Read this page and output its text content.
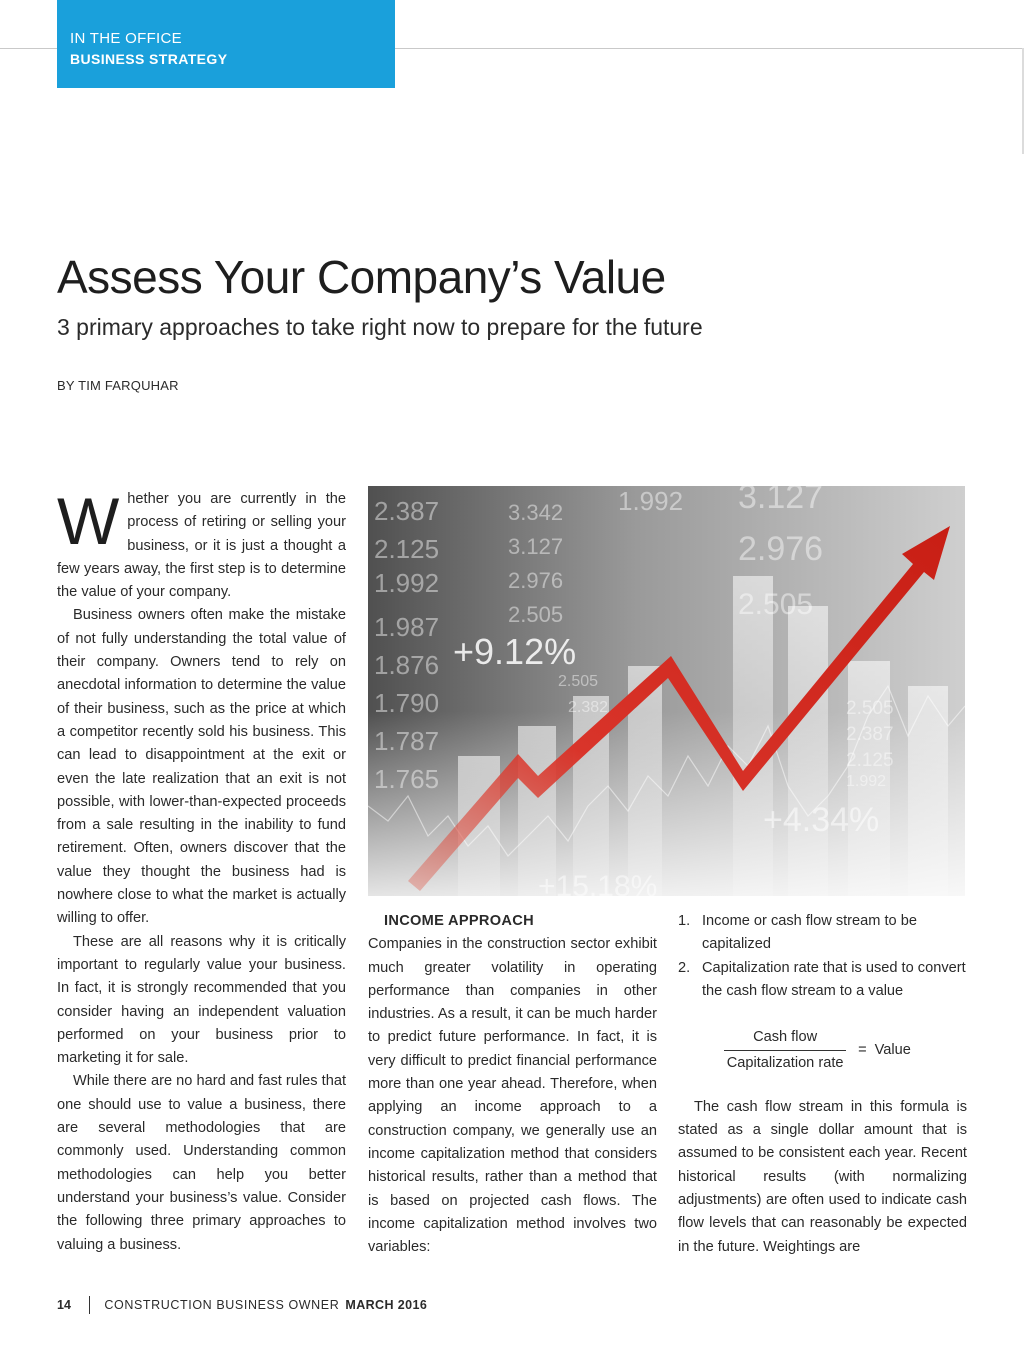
IN THE OFFICE
BUSINESS STRATEGY
Assess Your Company’s Value
3 primary approaches to take right now to prepare for the future
BY TIM FARQUHAR

Whether you are currently in the process of retiring or selling your business, or it is just a thought a few years away, the first step is to determine the value of your company.

Business owners often make the mistake of not fully understanding the total value of their company. Owners tend to rely on anecdotal information to determine the value of their business, such as the price at which a competitor recently sold his business. This can lead to disappointment at the exit or even the late realization that an exit is not possible, with lower-than-expected proceeds from a sale resulting in the inability to fund retirement. Often, owners discover that the value they thought the business had is nowhere close to what the market is actually willing to offer.

These are all reasons why it is critically important to regularly value your business. In fact, it is strongly recommended that you consider having an independent valuation performed on your business prior to marketing it for sale.

While there are no hard and fast rules that one should use to value a business, there are several methodologies that are commonly used. Understanding common methodologies can help you better understand your business’s value. Consider the following three primary approaches to valuing a business.

INCOME APPROACH

Companies in the construction sector exhibit much greater volatility in operating performance than companies in other industries. As a result, it can be much harder to predict future performance. In fact, it is very difficult to predict financial performance more than one year ahead. Therefore, when applying an income approach to a construction company, we generally use an income capitalization method that considers historical results, rather than a method that is based on projected cash flows. The income capitalization method involves two variables:

1. Income or cash flow stream to be capitalized
2. Capitalization rate that is used to convert the cash flow stream to a value
$\frac{\text{Cash flow}}{\text{Capitalization rate}}$ = Value

The cash flow stream in this formula is stated as a single dollar amount that is assumed to be consistent each year. Recent historical results (with normalizing adjustments) are often used to indicate cash flow levels that can reasonably be expected in the future. Weightings are

14	CONSTRUCTION BUSINESS OWNER MARCH 2016
